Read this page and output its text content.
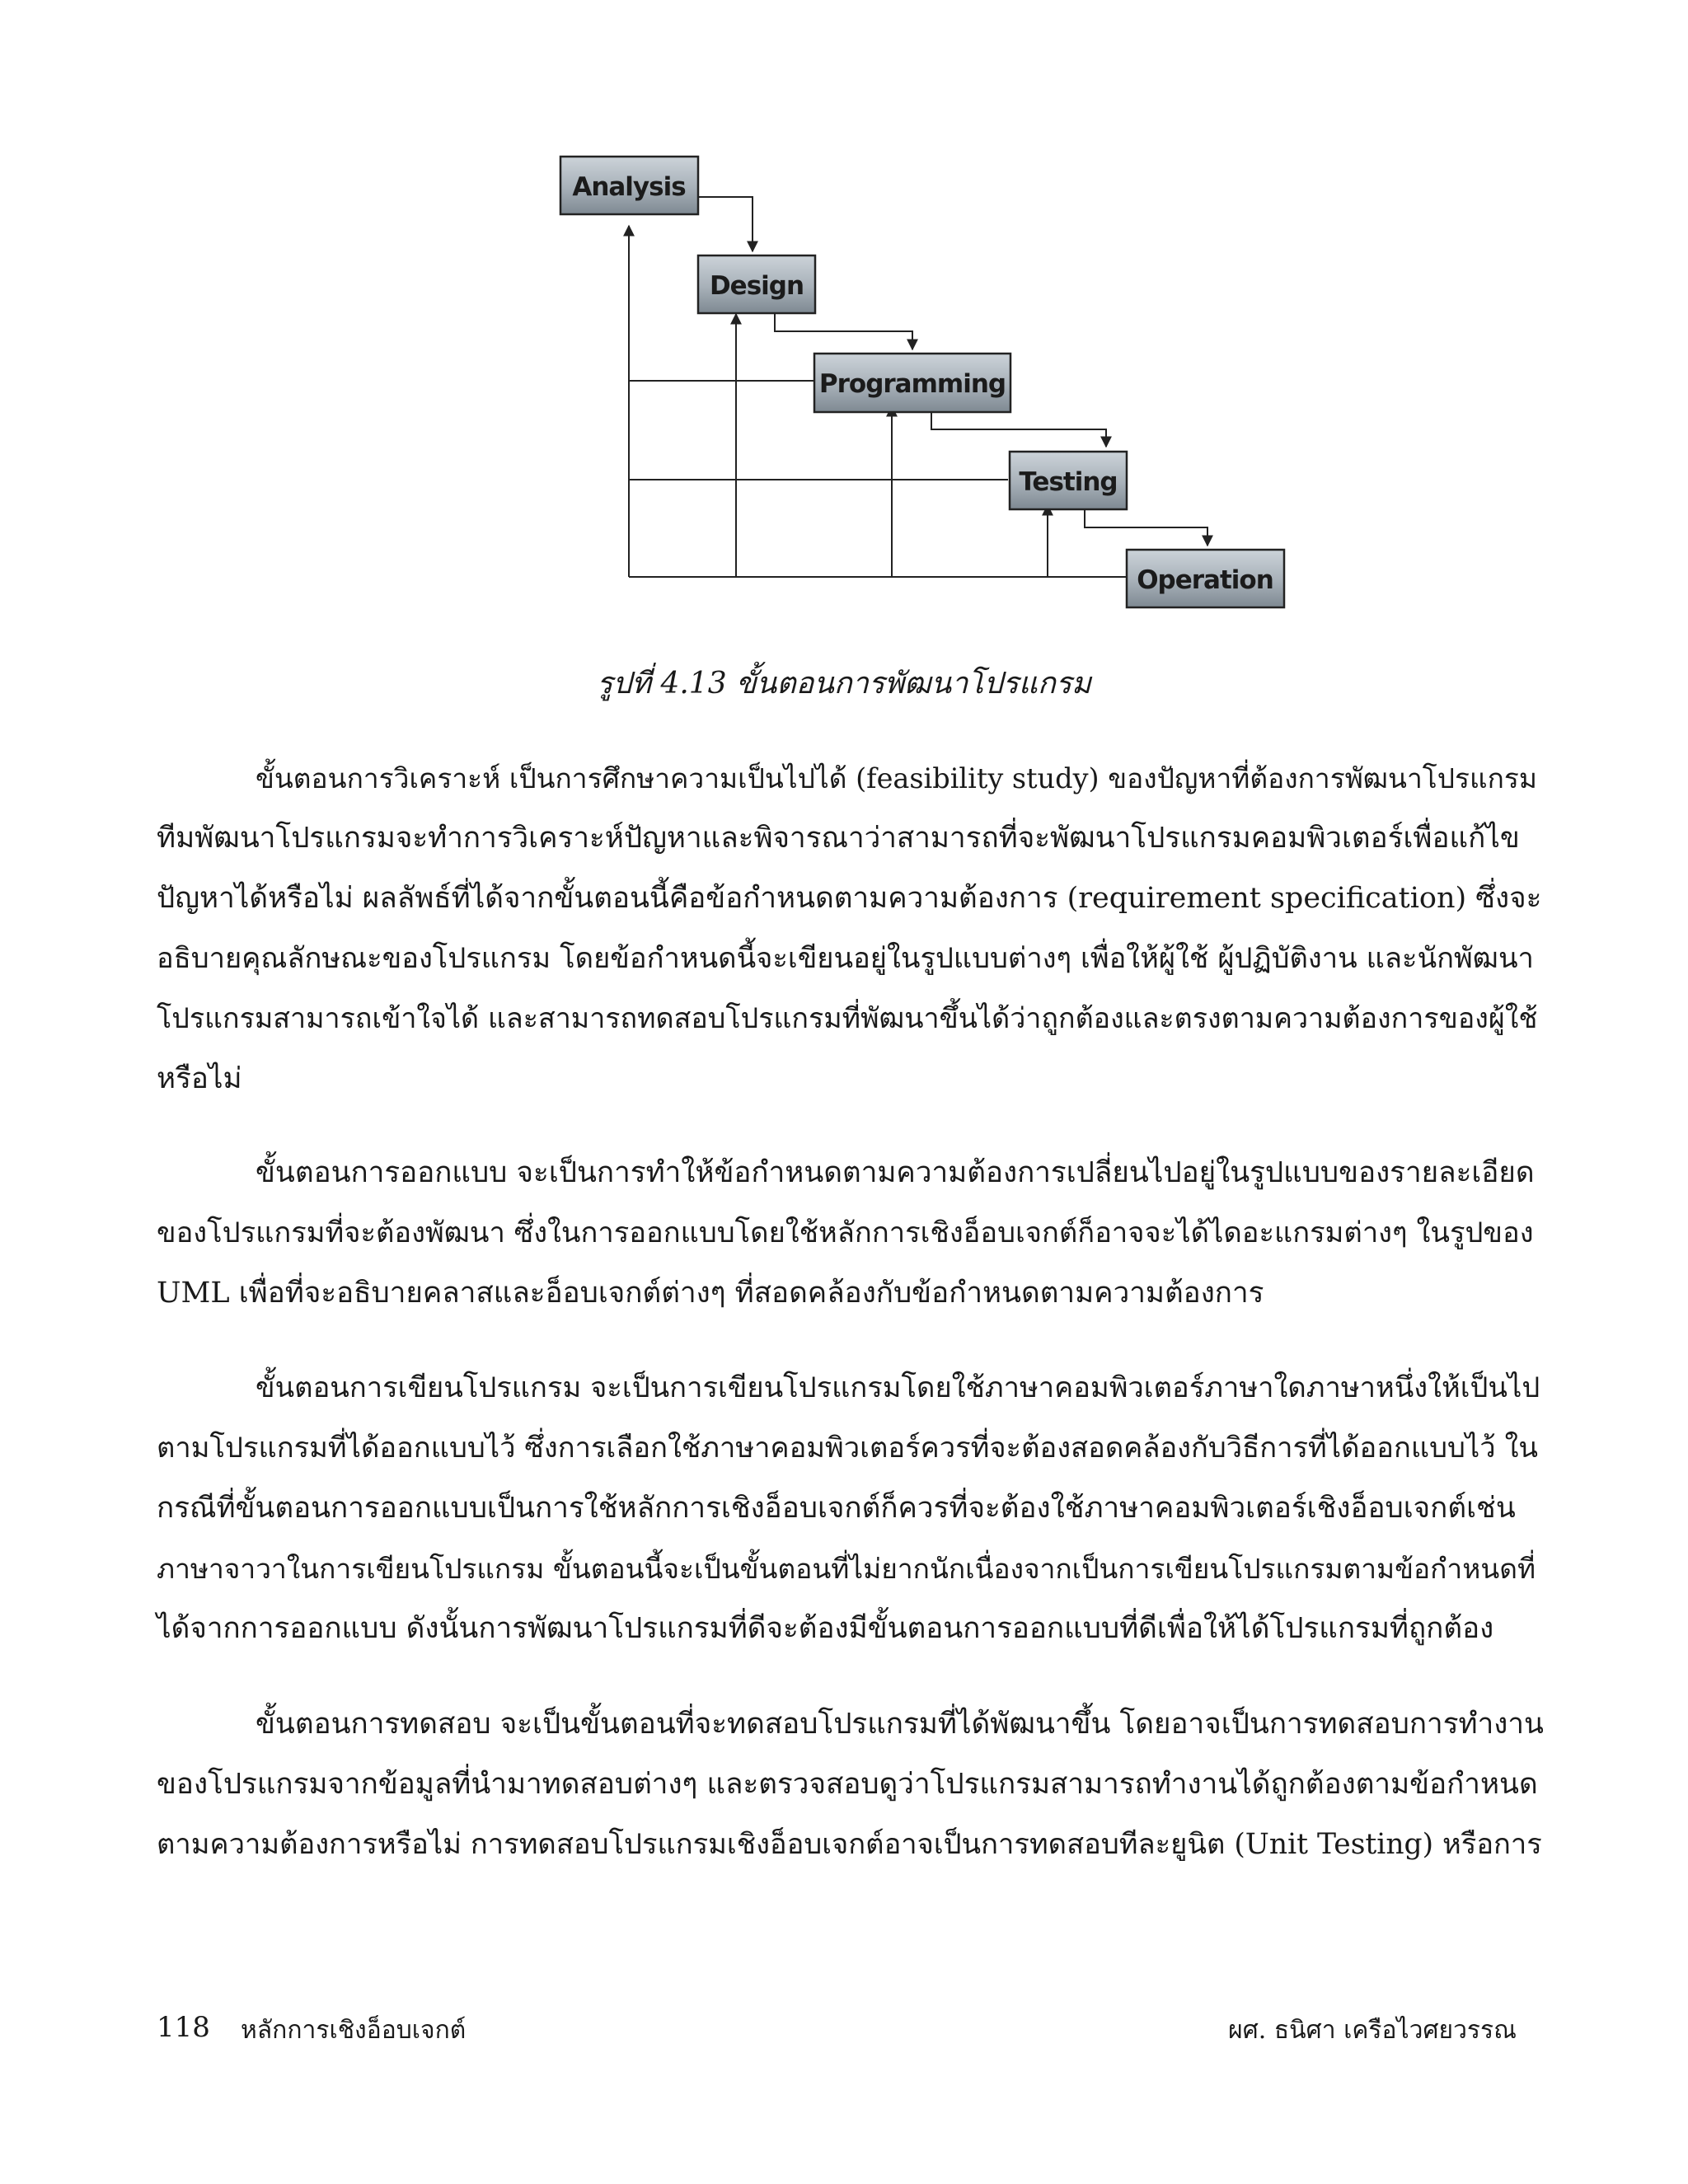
Analysis
Design
Programming
Testing
Operation
รูปที่ 4.13 ขั้นตอนการพัฒนาโปรแกรม
ขั้นตอนการวิเคราะห์ เป็นการศึกษาความเป็นไปได้ (feasibility study) ของปัญหาที่ต้องการพัฒนาโปรแกรม
ทีมพัฒนาโปรแกรมจะทำการวิเคราะห์ปัญหาและพิจารณาว่าสามารถที่จะพัฒนาโปรแกรมคอมพิวเตอร์เพื่อแก้ไข
ปัญหาได้หรือไม่ ผลลัพธ์ที่ได้จากขั้นตอนนี้คือข้อกำหนดตามความต้องการ (requirement specification) ซึ่งจะ
อธิบายคุณลักษณะของโปรแกรม โดยข้อกำหนดนี้จะเขียนอยู่ในรูปแบบต่างๆ เพื่อให้ผู้ใช้ ผู้ปฏิบัติงาน และนักพัฒนา
โปรแกรมสามารถเข้าใจได้ และสามารถทดสอบโปรแกรมที่พัฒนาขึ้นได้ว่าถูกต้องและตรงตามความต้องการของผู้ใช้
หรือไม่
ขั้นตอนการออกแบบ จะเป็นการทำให้ข้อกำหนดตามความต้องการเปลี่ยนไปอยู่ในรูปแบบของรายละเอียด
ของโปรแกรมที่จะต้องพัฒนา ซึ่งในการออกแบบโดยใช้หลักการเชิงอ็อบเจกต์ก็อาจจะได้ไดอะแกรมต่างๆ ในรูปของ
UML เพื่อที่จะอธิบายคลาสและอ็อบเจกต์ต่างๆ ที่สอดคล้องกับข้อกำหนดตามความต้องการ
ขั้นตอนการเขียนโปรแกรม จะเป็นการเขียนโปรแกรมโดยใช้ภาษาคอมพิวเตอร์ภาษาใดภาษาหนึ่งให้เป็นไป
ตามโปรแกรมที่ได้ออกแบบไว้ ซึ่งการเลือกใช้ภาษาคอมพิวเตอร์ควรที่จะต้องสอดคล้องกับวิธีการที่ได้ออกแบบไว้ ใน
กรณีที่ขั้นตอนการออกแบบเป็นการใช้หลักการเชิงอ็อบเจกต์ก็ควรที่จะต้องใช้ภาษาคอมพิวเตอร์เชิงอ็อบเจกต์เช่น
ภาษาจาวาในการเขียนโปรแกรม ขั้นตอนนี้จะเป็นขั้นตอนที่ไม่ยากนักเนื่องจากเป็นการเขียนโปรแกรมตามข้อกำหนดที่
ได้จากการออกแบบ ดังนั้นการพัฒนาโปรแกรมที่ดีจะต้องมีขั้นตอนการออกแบบที่ดีเพื่อให้ได้โปรแกรมที่ถูกต้อง
ขั้นตอนการทดสอบ จะเป็นขั้นตอนที่จะทดสอบโปรแกรมที่ได้พัฒนาขึ้น โดยอาจเป็นการทดสอบการทำงาน
ของโปรแกรมจากข้อมูลที่นำมาทดสอบต่างๆ และตรวจสอบดูว่าโปรแกรมสามารถทำงานได้ถูกต้องตามข้อกำหนด
ตามความต้องการหรือไม่ การทดสอบโปรแกรมเชิงอ็อบเจกต์อาจเป็นการทดสอบทีละยูนิต (Unit Testing) หรือการ
118 หลักการเชิงอ็อบเจกต์	ผศ. ธนิศา เครือไวศยวรรณ
